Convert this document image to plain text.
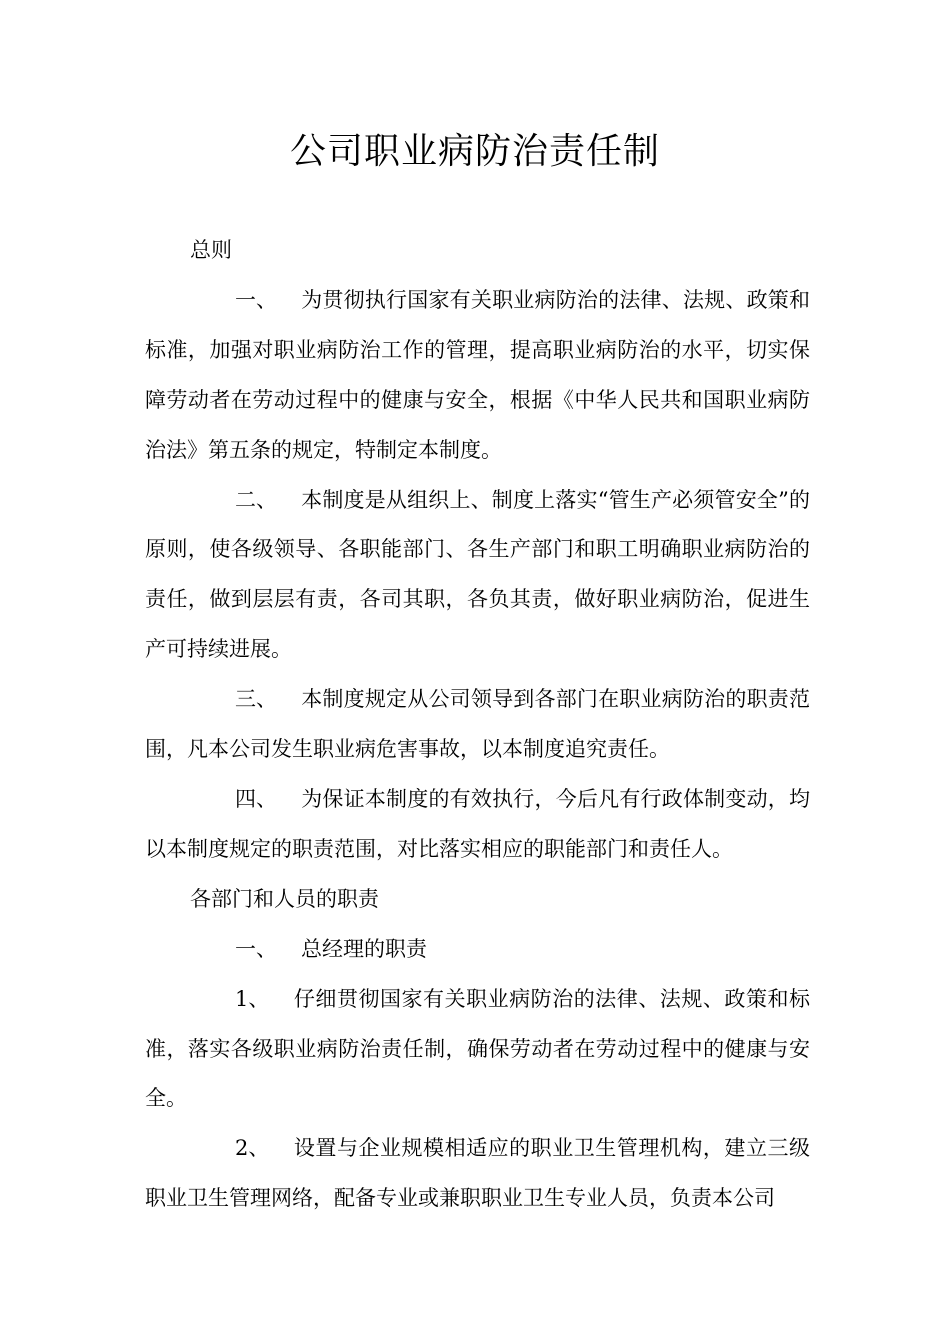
公司职业病防治责任制

总则

一、 为贯彻执行国家有关职业病防治的法律、法规、政策和标准，加强对职业病防治工作的管理，提高职业病防治的水平，切实保障劳动者在劳动过程中的健康与安全，根据《中华人民共和国职业病防治法》第五条的规定，特制定本制度。

二、 本制度是从组织上、制度上落实“管生产必须管安全”的原则，使各级领导、各职能部门、各生产部门和职工明确职业病防治的责任，做到层层有责，各司其职，各负其责，做好职业病防治，促进生产可持续进展。

三、 本制度规定从公司领导到各部门在职业病防治的职责范围，凡本公司发生职业病危害事故，以本制度追究责任。

四、 为保证本制度的有效执行，今后凡有行政体制变动，均以本制度规定的职责范围，对比落实相应的职能部门和责任人。

各部门和人员的职责

一、 总经理的职责

1、 仔细贯彻国家有关职业病防治的法律、法规、政策和标准，落实各级职业病防治责任制，确保劳动者在劳动过程中的健康与安全。

2、 设置与企业规模相适应的职业卫生管理机构，建立三级职业卫生管理网络，配备专业或兼职职业卫生专业人员，负责本公司
